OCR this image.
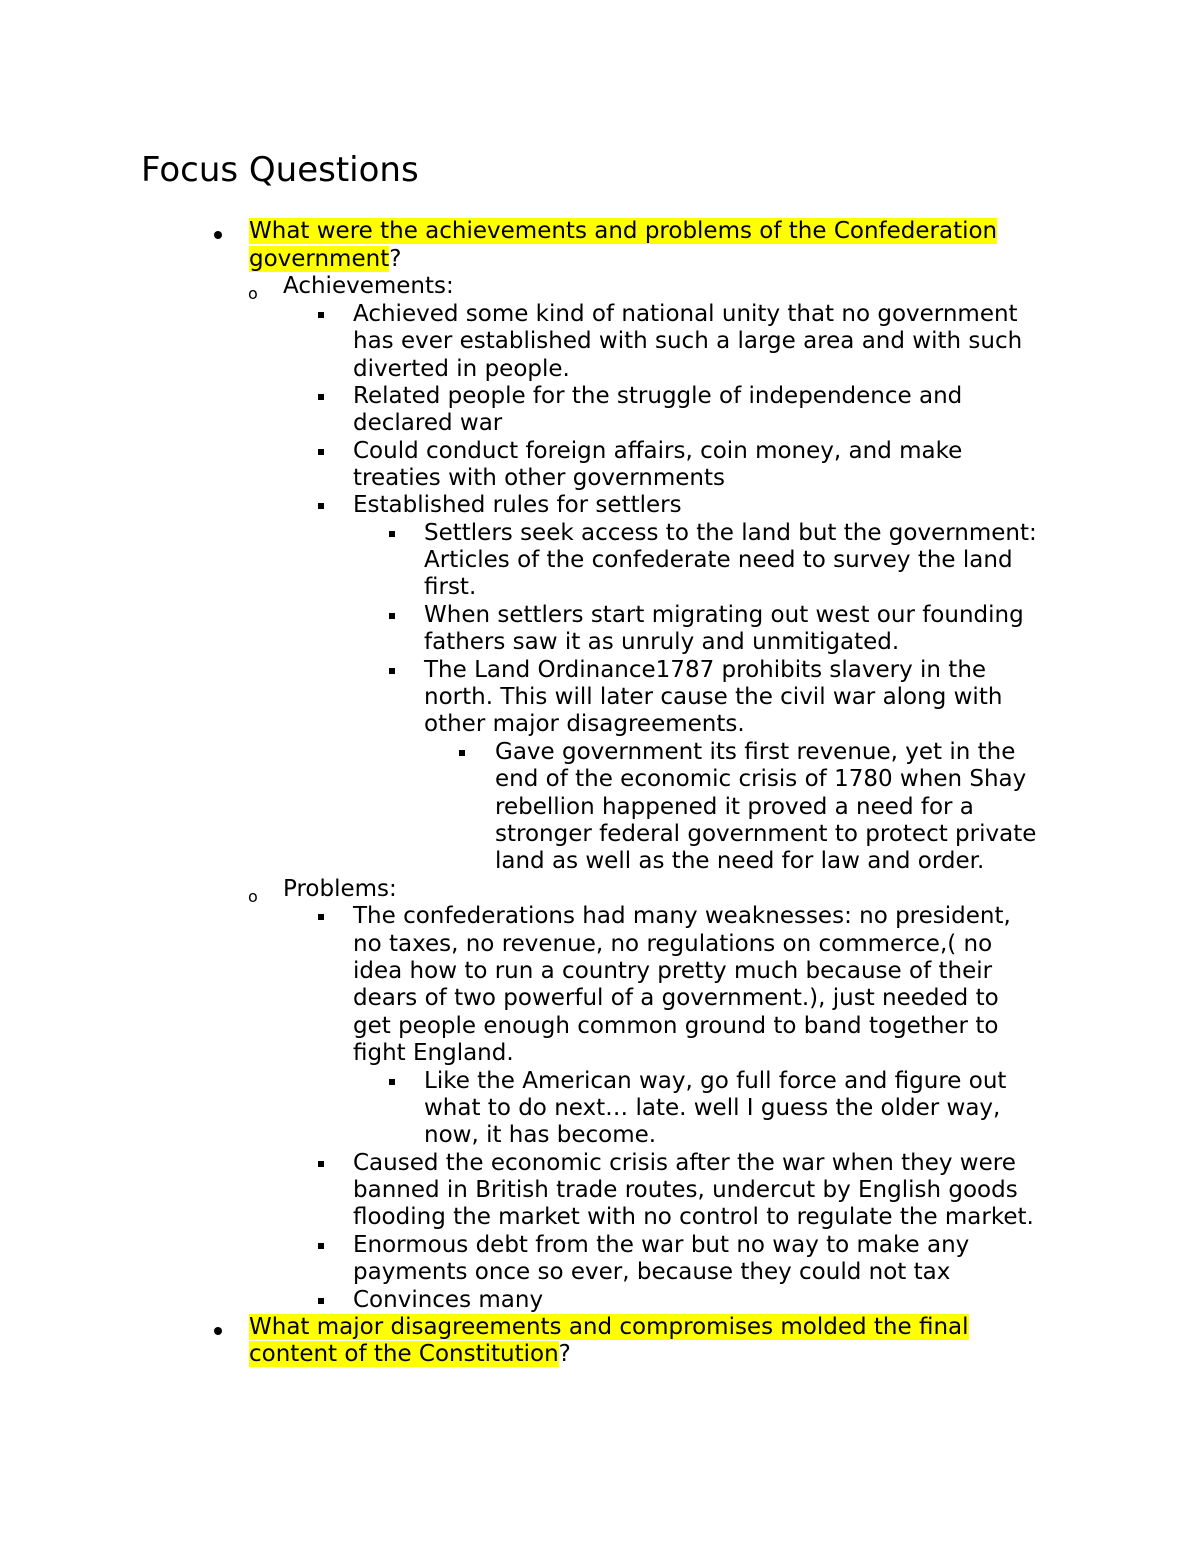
Focus Questions
What were the achievements and problems of the Confederation
government?
o Achievements:
Achieved some kind of national unity that no government
has ever established with such a large area and with such
diverted in people.
Related people for the struggle of independence and
declared war
Could conduct foreign affairs, coin money, and make
treaties with other governments
Established rules for settlers
Settlers seek access to the land but the government:
Articles of the confederate need to survey the land
first.
When settlers start migrating out west our founding
fathers saw it as unruly and unmitigated.
The Land Ordinance1787 prohibits slavery in the
north. This will later cause the civil war along with
other major disagreements.
Gave government its first revenue, yet in the
end of the economic crisis of 1780 when Shay
rebellion happened it proved a need for a
stronger federal government to protect private
land as well as the need for law and order.
o Problems:
The confederations had many weaknesses: no president,
no taxes, no revenue, no regulations on commerce,( no
idea how to run a country pretty much because of their
dears of two powerful of a government.), just needed to
get people enough common ground to band together to
fight England.
Like the American way, go full force and figure out
what to do next… late. well I guess the older way,
now, it has become.
Caused the economic crisis after the war when they were
banned in British trade routes, undercut by English goods
flooding the market with no control to regulate the market.
Enormous debt from the war but no way to make any
payments once so ever, because they could not tax
Convinces many
What major disagreements and compromises molded the final
content of the Constitution?
